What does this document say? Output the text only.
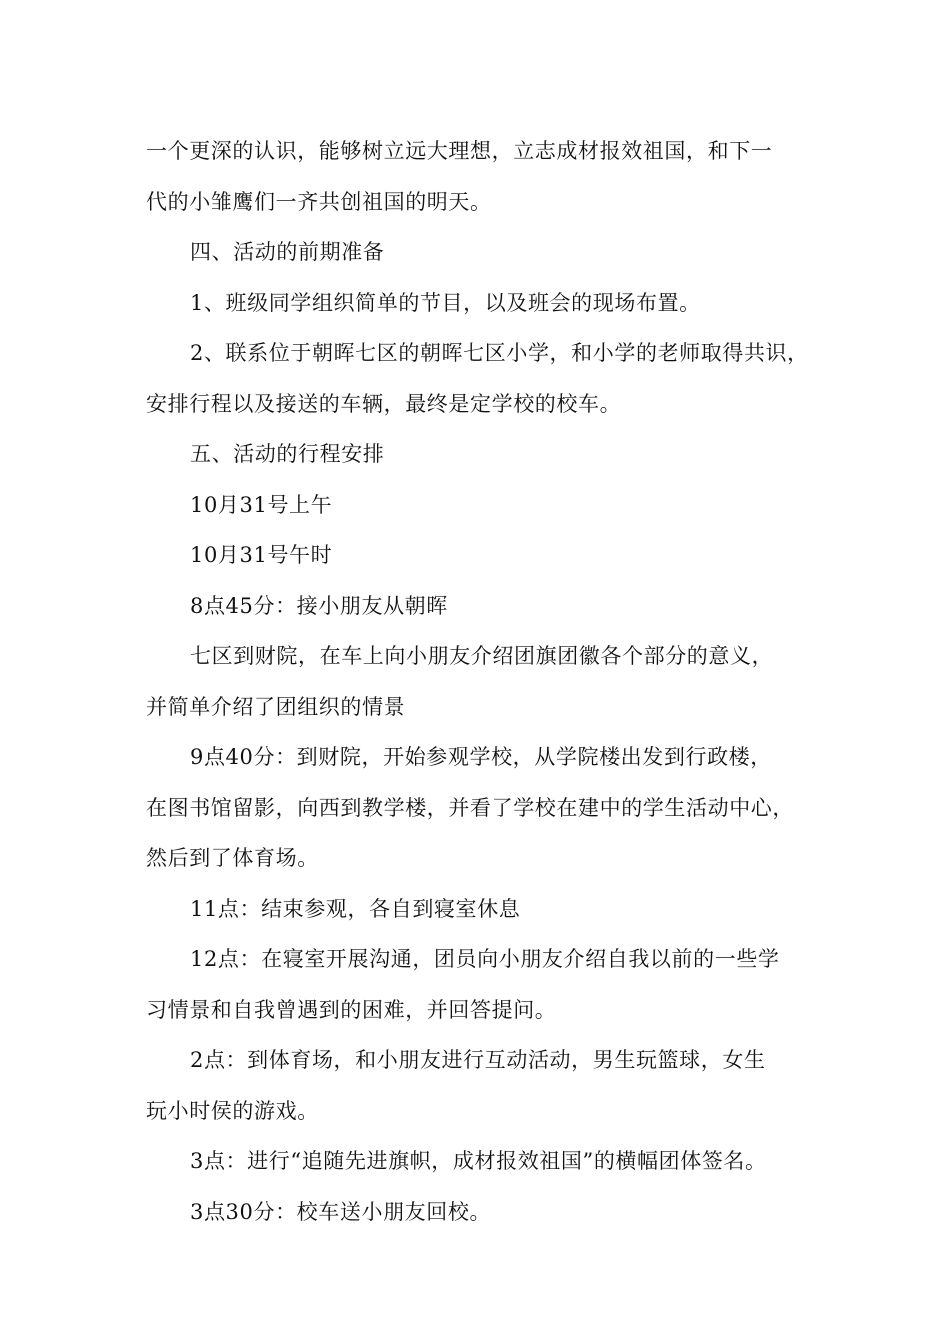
一个更深的认识，能够树立远大理想，立志成材报效祖国，和下一
代的小雏鹰们一齐共创祖国的明天。
四、活动的前期准备
1、班级同学组织简单的节目，以及班会的现场布置。
2、联系位于朝晖七区的朝晖七区小学，和小学的老师取得共识，
安排行程以及接送的车辆，最终是定学校的校车。
五、活动的行程安排
10月31号上午
10月31号午时
8点45分：接小朋友从朝晖
七区到财院，在车上向小朋友介绍团旗团徽各个部分的意义，
并简单介绍了团组织的情景
9点40分：到财院，开始参观学校，从学院楼出发到行政楼，
在图书馆留影，向西到教学楼，并看了学校在建中的学生活动中心，
然后到了体育场。
11点：结束参观，各自到寝室休息
12点：在寝室开展沟通，团员向小朋友介绍自我以前的一些学
习情景和自我曾遇到的困难，并回答提问。
2点：到体育场，和小朋友进行互动活动，男生玩篮球，女生
玩小时侯的游戏。
3点：进行“追随先进旗帜，成材报效祖国”的横幅团体签名。
3点30分：校车送小朋友回校。
